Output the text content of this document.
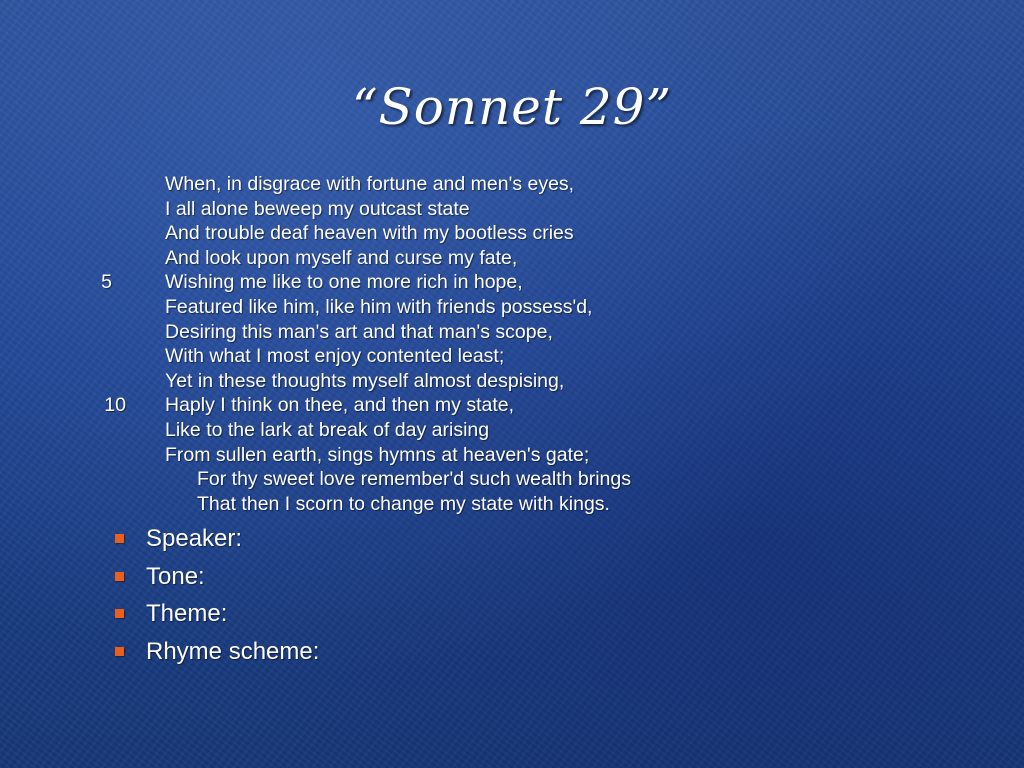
“Sonnet 29”
When, in disgrace with fortune and men's eyes,
I all alone beweep my outcast state
And trouble deaf heaven with my bootless cries
And look upon myself and curse my fate,
5	Wishing me like to one more rich in hope,
Featured like him, like him with friends possess'd,
Desiring this man's art and that man's scope,
With what I most enjoy contented least;
Yet in these thoughts myself almost despising,
10 Haply I think on thee, and then my state,
Like to the lark at break of day arising
From sullen earth, sings hymns at heaven's gate;
For thy sweet love remember'd such wealth brings
That then I scorn to change my state with kings.
Speaker:
Tone:
Theme:
Rhyme scheme:
